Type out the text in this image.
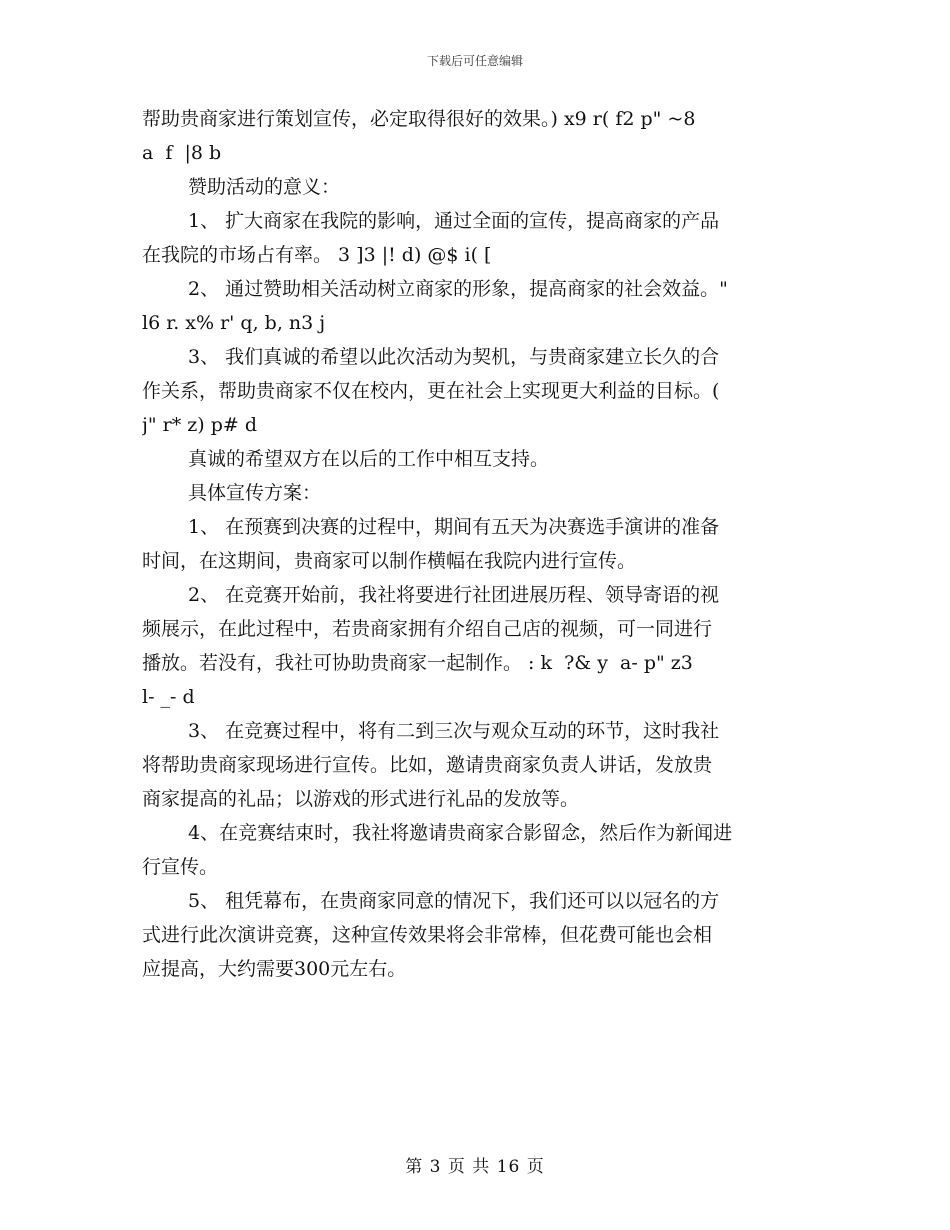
下载后可任意编辑
帮助贵商家进行策划宣传，必定取得很好的效果。) x9 r( f2 p" ~8
a  f  |8 b
赞助活动的意义：
1、 扩大商家在我院的影响，通过全面的宣传，提高商家的产品
在我院的市场占有率。 3 ]3 |! d) @$ i( [
2、 通过赞助相关活动树立商家的形象，提高商家的社会效益。"
l6 r. x% r' q, b, n3 j
3、 我们真诚的希望以此次活动为契机，与贵商家建立长久的合
作关系，帮助贵商家不仅在校内，更在社会上实现更大利益的目标。(
j" r* z) p# d
真诚的希望双方在以后的工作中相互支持。
具体宣传方案：
1、 在预赛到决赛的过程中，期间有五天为决赛选手演讲的准备
时间，在这期间，贵商家可以制作横幅在我院内进行宣传。
2、 在竞赛开始前，我社将要进行社团进展历程、领导寄语的视
频展示，在此过程中，若贵商家拥有介绍自己店的视频，可一同进行
播放。若没有，我社可协助贵商家一起制作。 : k  ?& y  a- p" z3
l- _- d
3、 在竞赛过程中，将有二到三次与观众互动的环节，这时我社
将帮助贵商家现场进行宣传。比如，邀请贵商家负责人讲话，发放贵
商家提高的礼品；以游戏的形式进行礼品的发放等。
4、在竞赛结束时，我社将邀请贵商家合影留念，然后作为新闻进
行宣传。
5、 租凭幕布，在贵商家同意的情况下，我们还可以以冠名的方
式进行此次演讲竞赛，这种宣传效果将会非常棒，但花费可能也会相
应提高，大约需要300元左右。
第 3 页 共 16 页
